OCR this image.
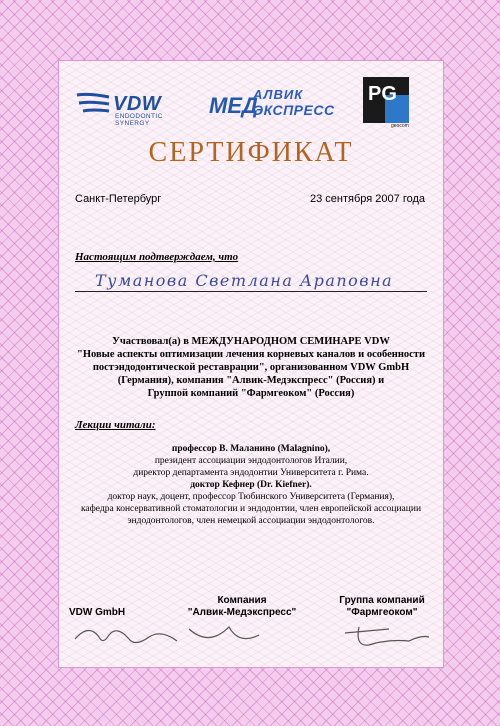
VDW
ENDODONTIC SYNERGY
МЕД
АЛВИК
ЭКСПРЕСС
PG
geocom
СЕРТИФИКАТ
Санкт-Петербург	23 сентября 2007 года
Настоящим подтверждаем, что
Туманова Светлана Араповна
Участвовал(а) в МЕЖДУНАРОДНОМ СЕМИНАРЕ VDW
"Новые аспекты оптимизации лечения корневых каналов и особенности
постэндодонтической реставрации", организованном VDW GmbH
(Германия), компания "Алвик-Медэкспресс" (Россия) и
Группой компаний "Фармгеоком" (Россия)
Лекции читали:
профессор В. Маланино (Malagnino),
президент ассоциации эндодонтологов Италии,
директор департамента эндодонтии Университета г. Рима.
доктор Кефнер (Dr. Kiefner).
доктор наук, доцент, профессор Тюбинского Университета (Германия),
кафедра консервативной стоматологии и эндодонтии, член европейской ассоциации
эндодонтологов, член немецкой ассоциации эндодонтологов.
VDW GmbH
Компания
"Алвик-Медэкспресс"
Группа компаний
"Фармгеоком"
